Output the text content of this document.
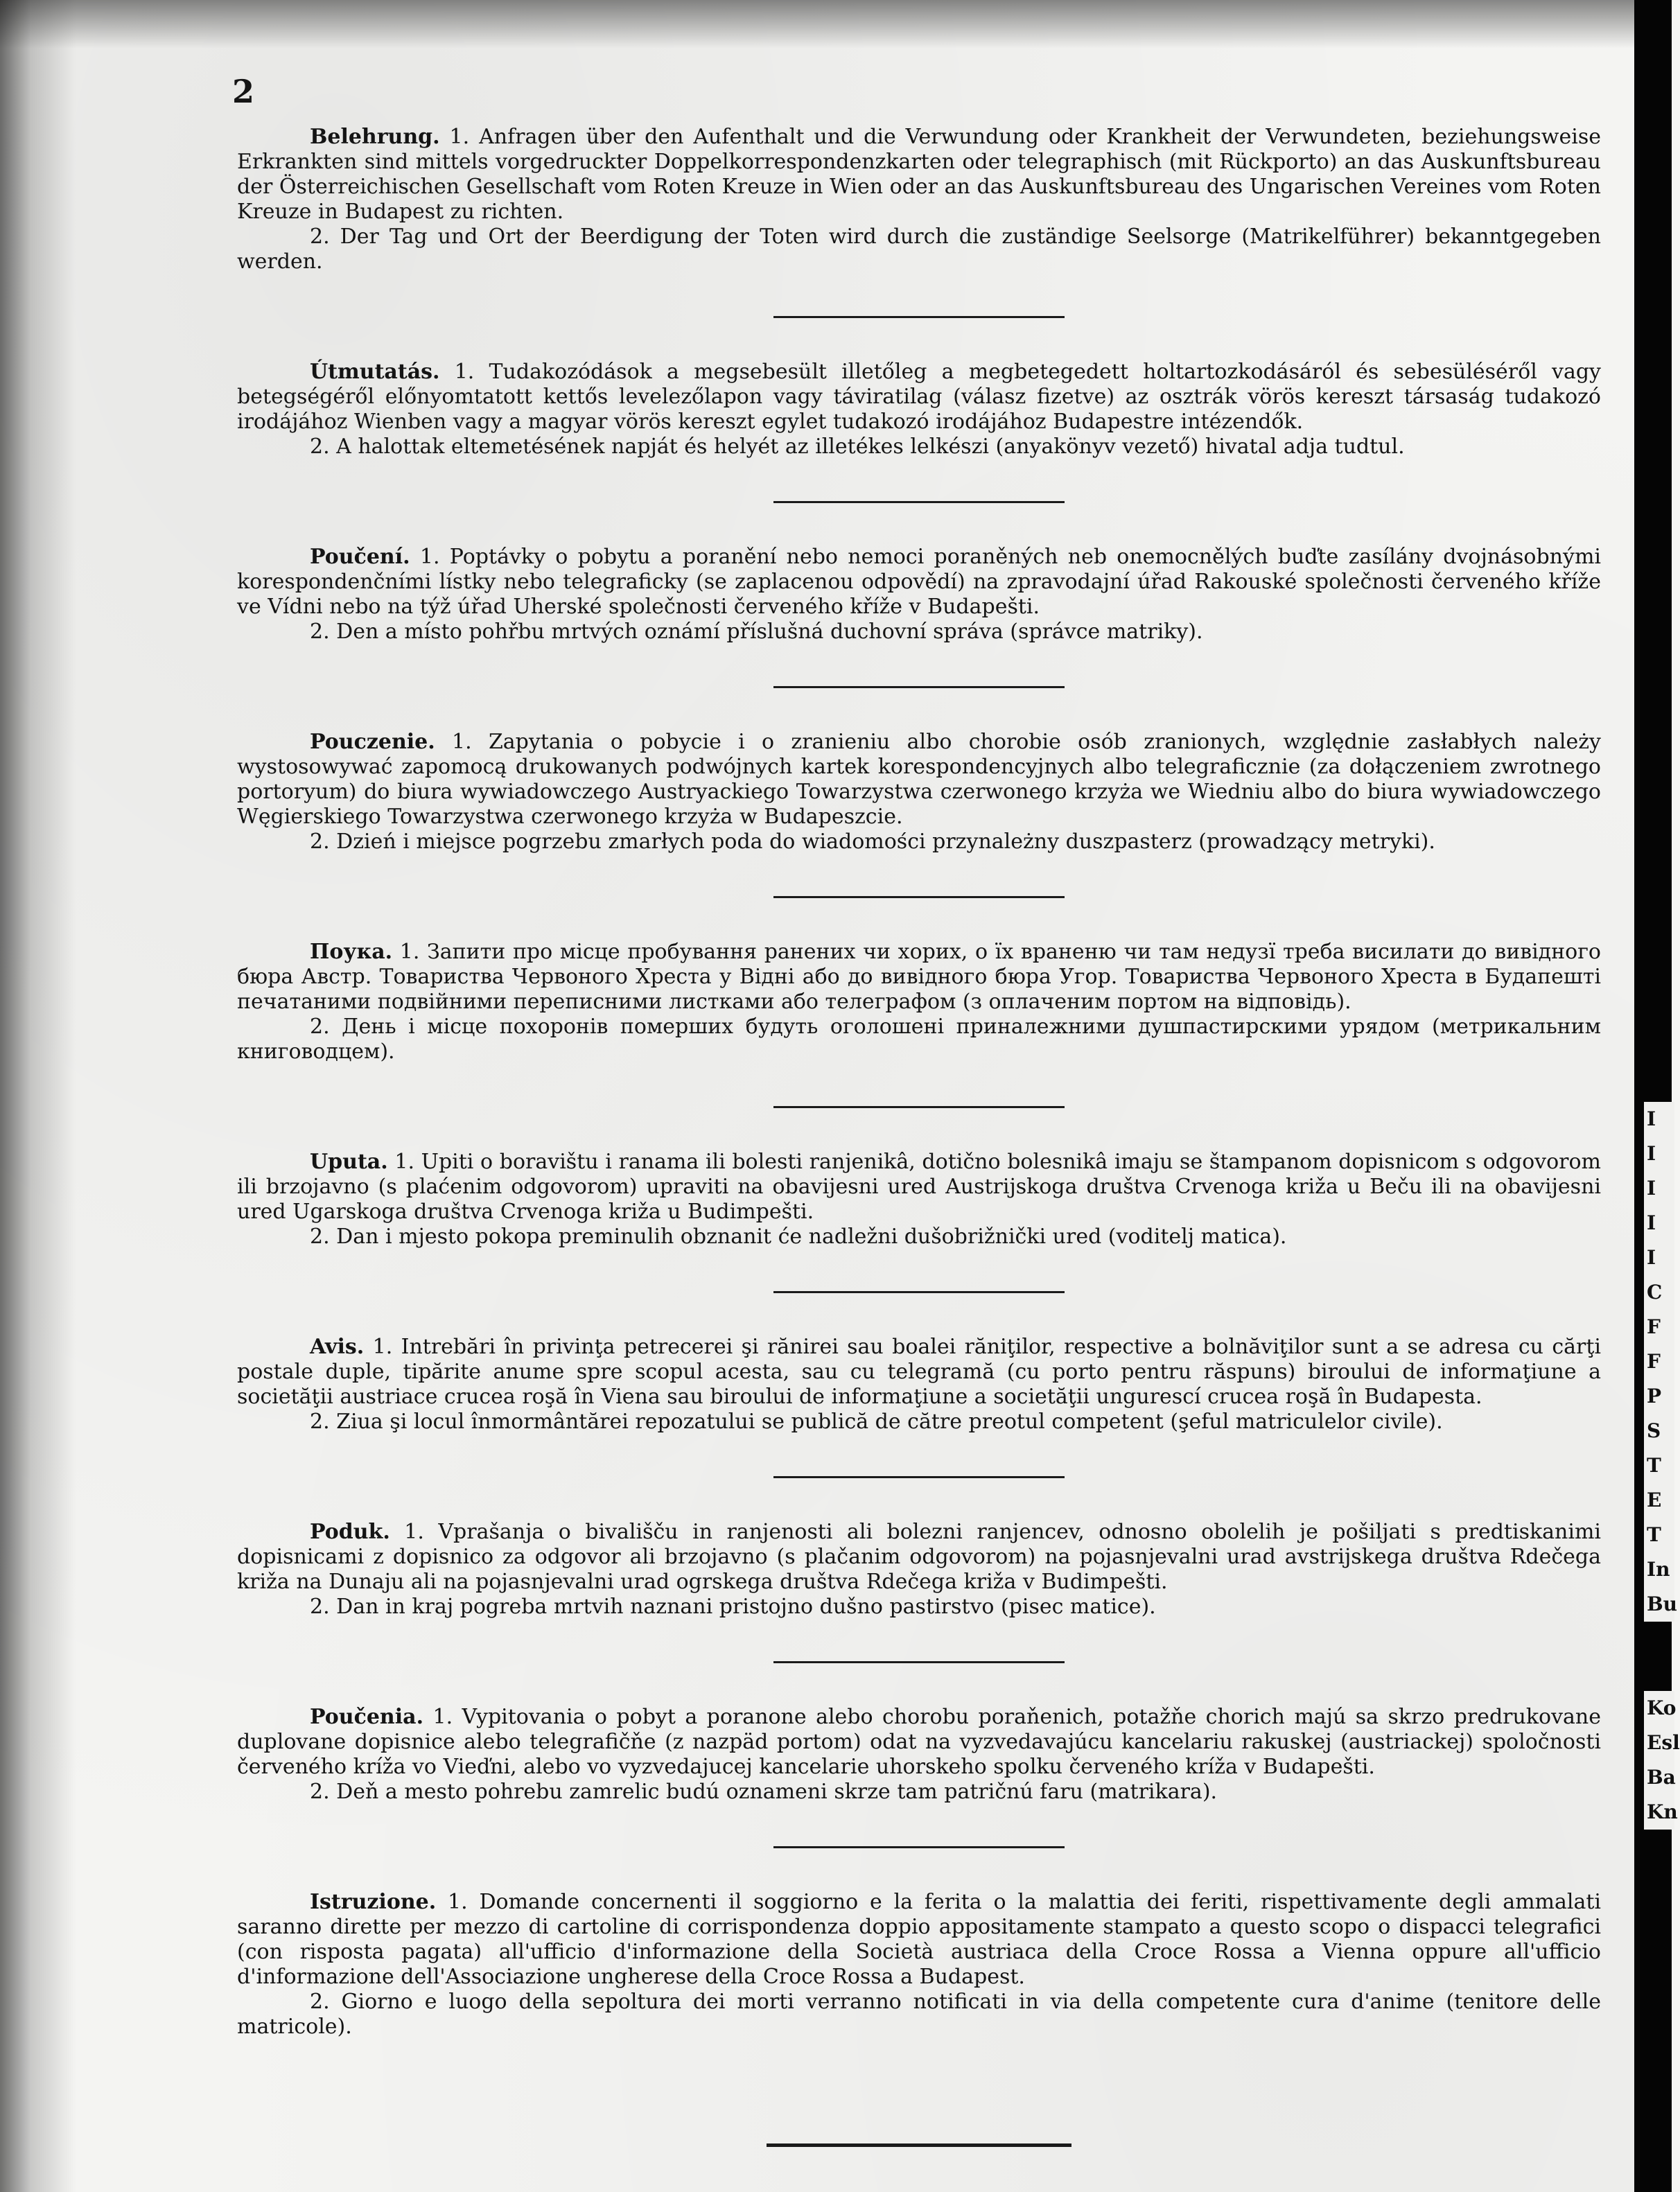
2

Belehrung. 1. Anfragen über den Aufenthalt und die Verwundung oder Krankheit der Verwundeten, beziehungsweise Erkrankten sind mittels vorgedruckter Doppelkorrespondenzkarten oder telegraphisch (mit Rückporto) an das Auskunftsbureau der Österreichischen Gesellschaft vom Roten Kreuze in Wien oder an das Auskunftsbureau des Ungarischen Vereines vom Roten Kreuze in Budapest zu richten.

2. Der Tag und Ort der Beerdigung der Toten wird durch die zuständige Seelsorge (Matrikelführer) bekanntgegeben werden.

Útmutatás. 1. Tudakozódások a megsebesült illetőleg a megbetegedett holtartozkodásáról és sebesüléséről vagy betegségéről előnyomtatott kettős levelezőlapon vagy táviratilag (válasz fizetve) az osztrák vörös kereszt társaság tudakozó irodájához Wienben vagy a magyar vörös kereszt egylet tudakozó irodájához Budapestre intézendők.

2. A halottak eltemetésének napját és helyét az illetékes lelkészi (anyakönyv vezető) hivatal adja tudtul.

Poučení. 1. Poptávky o pobytu a poranění nebo nemoci poraněných neb onemocnělých buďte zasílány dvojnásobnými korespondenčními lístky nebo telegraficky (se zaplacenou odpovědí) na zpravodajní úřad Rakouské společnosti červeného kříže ve Vídni nebo na týž úřad Uherské společnosti červeného kříže v Budapešti.

2. Den a místo pohřbu mrtvých oznámí příslušná duchovní správa (správce matriky).

Pouczenie. 1. Zapytania o pobycie i o zranieniu albo chorobie osób zranionych, względnie zasłabłych należy wystosowywać zapomocą drukowanych podwójnych kartek korespondencyjnych albo telegraficznie (za dołączeniem zwrotnego portoryum) do biura wywiadowczego Austryackiego Towarzystwa czerwonego krzyża we Wiedniu albo do biura wywiadowczego Węgierskiego Towarzystwa czerwonego krzyża w Budapeszcie.

2. Dzień i miejsce pogrzebu zmarłych poda do wiadomości przynależny duszpasterz (prowadzący metryki).

Поука. 1. Запити про місце пробування ранених чи хорих, о їх враненю чи там недузї треба висилати до вивідного бюра Австр. Товариства Червоного Хреста у Відні або до вивідного бюра Угор. Товариства Червоного Хреста в Будапешті печатаними подвійними переписними листками або телеграфом (з оплаченим портом на відповідь).

2. День і місце похоронів померших будуть оголошені приналежними душпастирскими урядом (метрикальним книговодцем).

Uputa. 1. Upiti o boravištu i ranama ili bolesti ranjenikâ, dotično bolesnikâ imaju se štampanom dopisnicom s odgovorom ili brzojavno (s plaćenim odgovorom) upraviti na obavijesni ured Austrijskoga društva Crvenoga križa u Beču ili na obavijesni ured Ugarskoga društva Crvenoga križa u Budimpešti.

2. Dan i mjesto pokopa preminulih obznanit će nadležni dušobrižnički ured (voditelj matica).

Avis. 1. Intrebări în privinţa petrecerei şi rănirei sau boalei răniţilor, respective a bolnăviţilor sunt a se adresa cu cărţi postale duple, tipărite anume spre scopul acesta, sau cu telegramă (cu porto pentru răspuns) biroului de informaţiune a societăţii austriace crucea roşă în Viena sau biroului de informaţiune a societăţii ungurescí crucea roşă în Budapesta.

2. Ziua şi locul înmormântărei repozatului se publică de către preotul competent (şeful matriculelor civile).

Poduk. 1. Vprašanja o bivališču in ranjenosti ali bolezni ranjencev, odnosno obolelih je pošiljati s predtiskanimi dopisnicami z dopisnico za odgovor ali brzojavno (s plačanim odgovorom) na pojasnjevalni urad avstrijskega društva Rdečega križa na Dunaju ali na pojasnjevalni urad ogrskega društva Rdečega križa v Budimpešti.

2. Dan in kraj pogreba mrtvih naznani pristojno dušno pastirstvo (pisec matice).

Poučenia. 1. Vypitovania o pobyt a poranone alebo chorobu poraňenich, potažňe chorich majú sa skrzo predrukovane duplovane dopisnice alebo telegrafičňe (z nazpäd portom) odat na vyzvedavajúcu kancelariu rakuskej (austriackej) spoločnosti červeného kríža vo Vieďni, alebo vo vyzvedajucej kancelarie uhorskeho spolku červeného kríža v Budapešti.

2. Deň a mesto pohrebu zamrelic budú oznameni skrze tam patričnú faru (matrikara).

Istruzione. 1. Domande concernenti il soggiorno e la ferita o la malattia dei feriti, rispettivamente degli ammalati saranno dirette per mezzo di cartoline di corrispondenza doppio appositamente stampato a questo scopo o dispacci telegrafici (con risposta pagata) all'ufficio d'informazione della Società austriaca della Croce Rossa a Vienna oppure all'ufficio d'informazione dell'Associazione ungherese della Croce Rossa a Budapest.

2. Giorno e luogo della sepoltura dei morti verranno notificati in via della competente cura d'anime (tenitore delle matricole).

I
I
I
I
I
C
F
F
P
S
T
E
T
In
Bu
Ko
Esl
Ba
Kn
